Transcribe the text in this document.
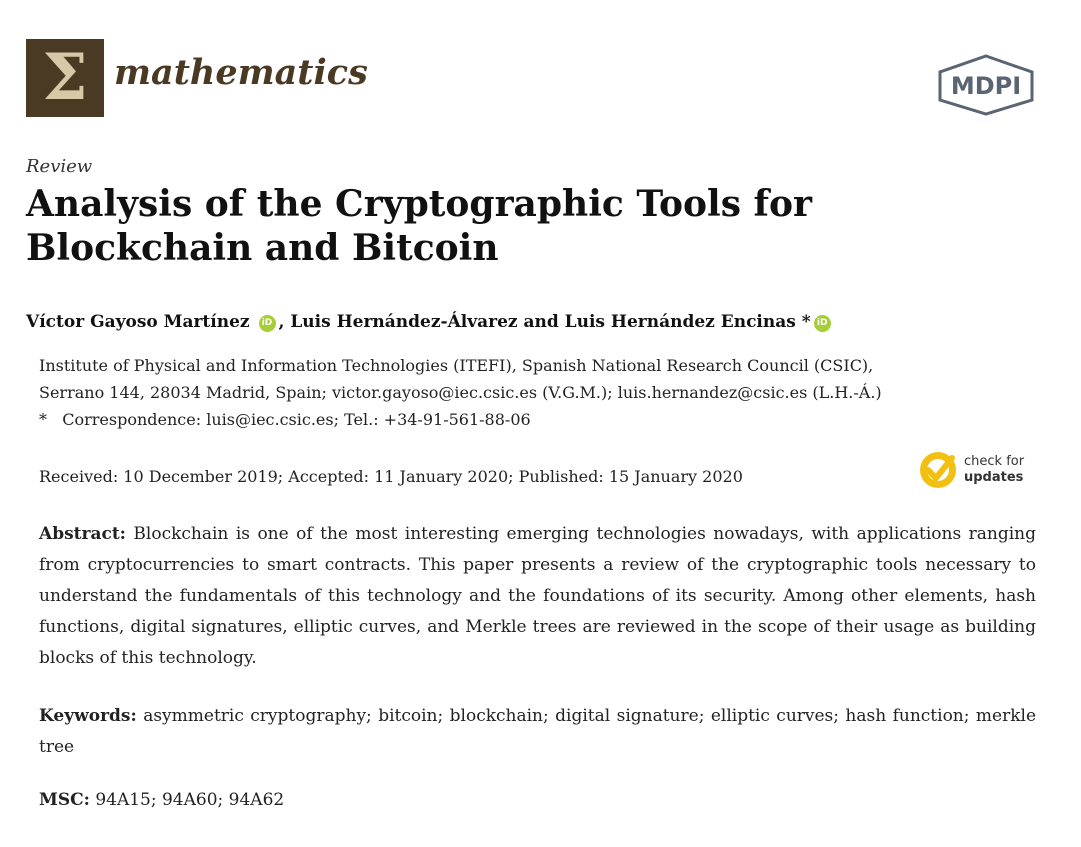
Σ mathematics	MDPI
Review
Analysis of the Cryptographic Tools for Blockchain and Bitcoin
Víctor Gayoso Martínez iD , Luis Hernández-Álvarez and Luis Hernández Encinas * iD
Institute of Physical and Information Technologies (ITEFI), Spanish National Research Council (CSIC),
Serrano 144, 28034 Madrid, Spain; victor.gayoso@iec.csic.es (V.G.M.); luis.hernandez@csic.es (L.H.-Á.)
*   Correspondence: luis@iec.csic.es; Tel.: +34-91-561-88-06
Received: 10 December 2019; Accepted: 11 January 2020; Published: 15 January 2020
check for
updates
Abstract: Blockchain is one of the most interesting emerging technologies nowadays, with applications ranging from cryptocurrencies to smart contracts. This paper presents a review of the cryptographic tools necessary to understand the fundamentals of this technology and the foundations of its security. Among other elements, hash functions, digital signatures, elliptic curves, and Merkle trees are reviewed in the scope of their usage as building blocks of this technology.
Keywords: asymmetric cryptography; bitcoin; blockchain; digital signature; elliptic curves; hash function; merkle tree
MSC: 94A15; 94A60; 94A62
